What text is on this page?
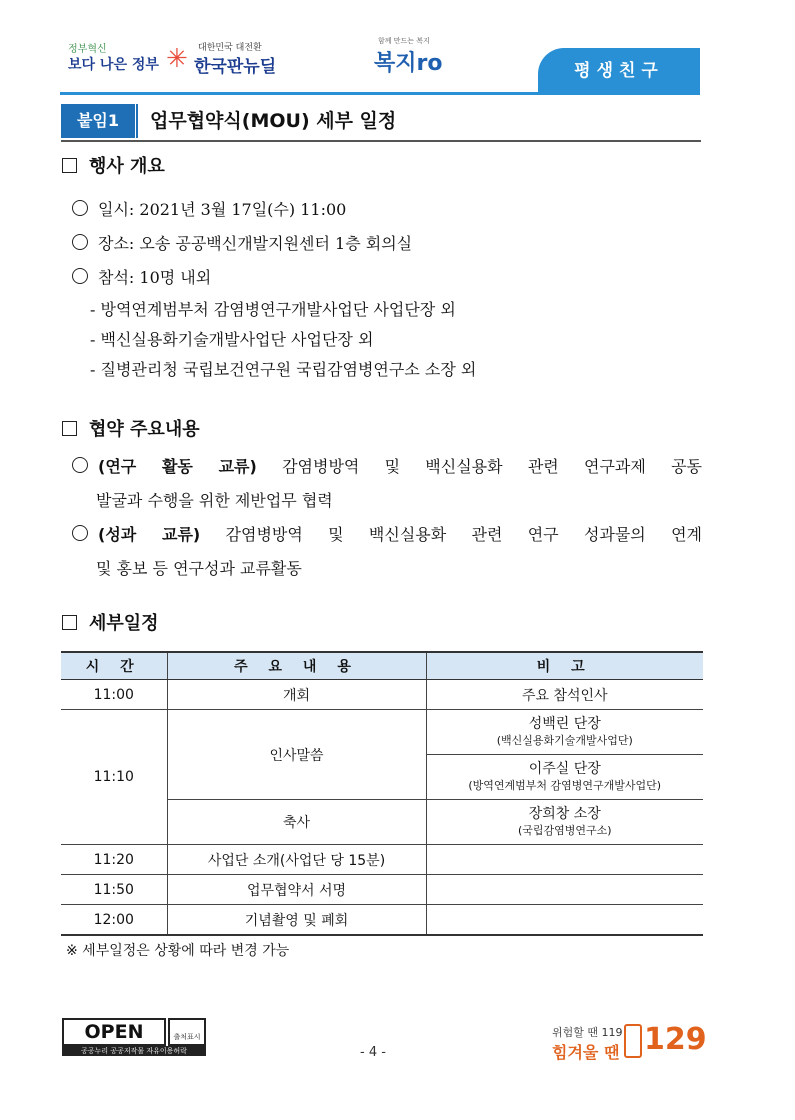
정부혁신
보다 나은 정부 ✳ 대한민국 대전환
한국판뉴딜
함께 만드는 복지
복지ro	평생친구
붙임1	업무협약식(MOU) 세부 일정
행사 개요
일시: 2021년 3월 17일(수) 11:00
장소: 오송 공공백신개발지원센터 1층 회의실
참석: 10명 내외
- 방역연계범부처 감염병연구개발사업단 사업단장 외
- 백신실용화기술개발사업단 사업단장 외
- 질병관리청 국립보건연구원 국립감염병연구소 소장 외
협약 주요내용
(연구 활동 교류) 감염병방역 및 백신실용화 관련 연구과제 공동
발굴과 수행을 위한 제반업무 협력
(성과 교류) 감염병방역 및 백신실용화 관련 연구 성과물의 연계
및 홍보 등 연구성과 교류활동
세부일정
시 간	주 요 내 용	비 고
11:00	개회	주요 참석인사
11:10	인사말씀	성백린 단장
(백신실용화기술개발사업단)

		이주실 단장
(방역연계범부처 감염병연구개발사업단)

	축사	장희창 소장
(국립감염병연구소)

11:20	사업단 소개(사업단 당 15분)	
11:50	업무협약서 서명	
12:00	기념촬영 및 폐회	
※ 세부일정은 상황에 따라 변경 가능
OPEN	출처표시
공공누리 공공저작물 자유이용허락	- 4 -
위험할 땐 119
힘겨울 땐 129
